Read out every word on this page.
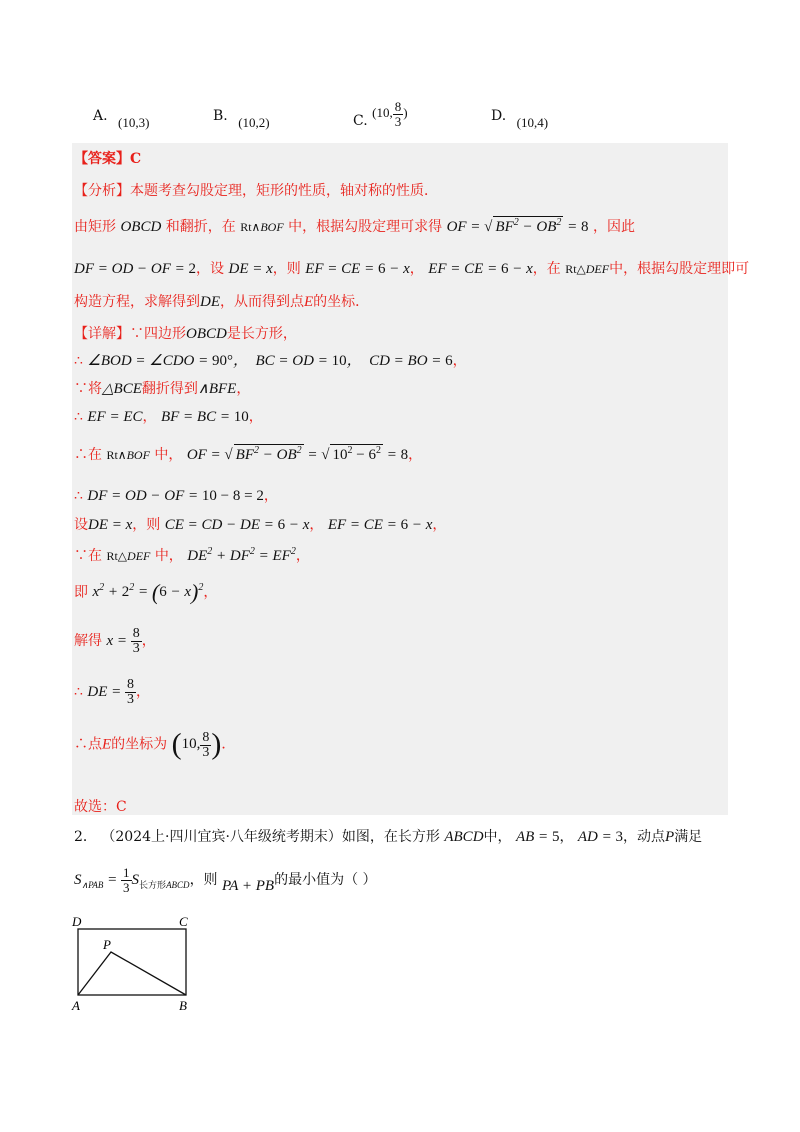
A. (10,3)	B. (10,2)	C. (10, $\frac{8}{3}$ )	D. (10,4)
【答案】C
【分析】本题考查勾股定理，矩形的性质，轴对称的性质．
由矩形 OBCD 和翻折，在 Rt∧BOF 中，根据勾股定理可求得 OF = √ $BF^2 - OB^2 = 8$ ，因此
DF = OD − OF = 2，设 DE = x，则 EF = CE = 6 − x， EF = CE = 6 − x，在 Rt△DEF中，根据勾股定理即可
构造方程，求解得到DE，从而得到点E的坐标．
【详解】∵四边形OBCD是长方形，
∴ ∠BOD = ∠CDO = 90°，  BC = OD = 10，  CD = BO = 6，
∵将△BCE翻折得到∧BFE，
∴ EF = EC， BF = BC = 10，
∴在 Rt∧BOF 中， OF = √ $BF^2 - OB^2$ = √ $10^2 - 6^2 = 8$，
∴ DF = OD − OF = 10 − 8 = 2，
设DE = x，则 CE = CD − DE = 6 − x， EF = CE = 6 − x，
∵在 Rt△DEF 中， $DE^2 + DF^2 = EF^2$，
即 $x^2 + 2^2 = (6 - x)^2$，
解得 $x = \frac{8}{3}$ ，
∴ DE = $\frac{8}{3}$ ，
∴点E的坐标为 (10, $\frac{8}{3}$ )．
故选：C
2． （2024上·四川宜宾·八年级统考期末）如图，在长方形 ABCD中， AB = 5， AD = 3，动点P满足
$S_{\wedge PAB} = \frac{1}{3} S_{长方形ABCD}$，则 PA + PB的最小值为（ ）
D	C
P
A	B
